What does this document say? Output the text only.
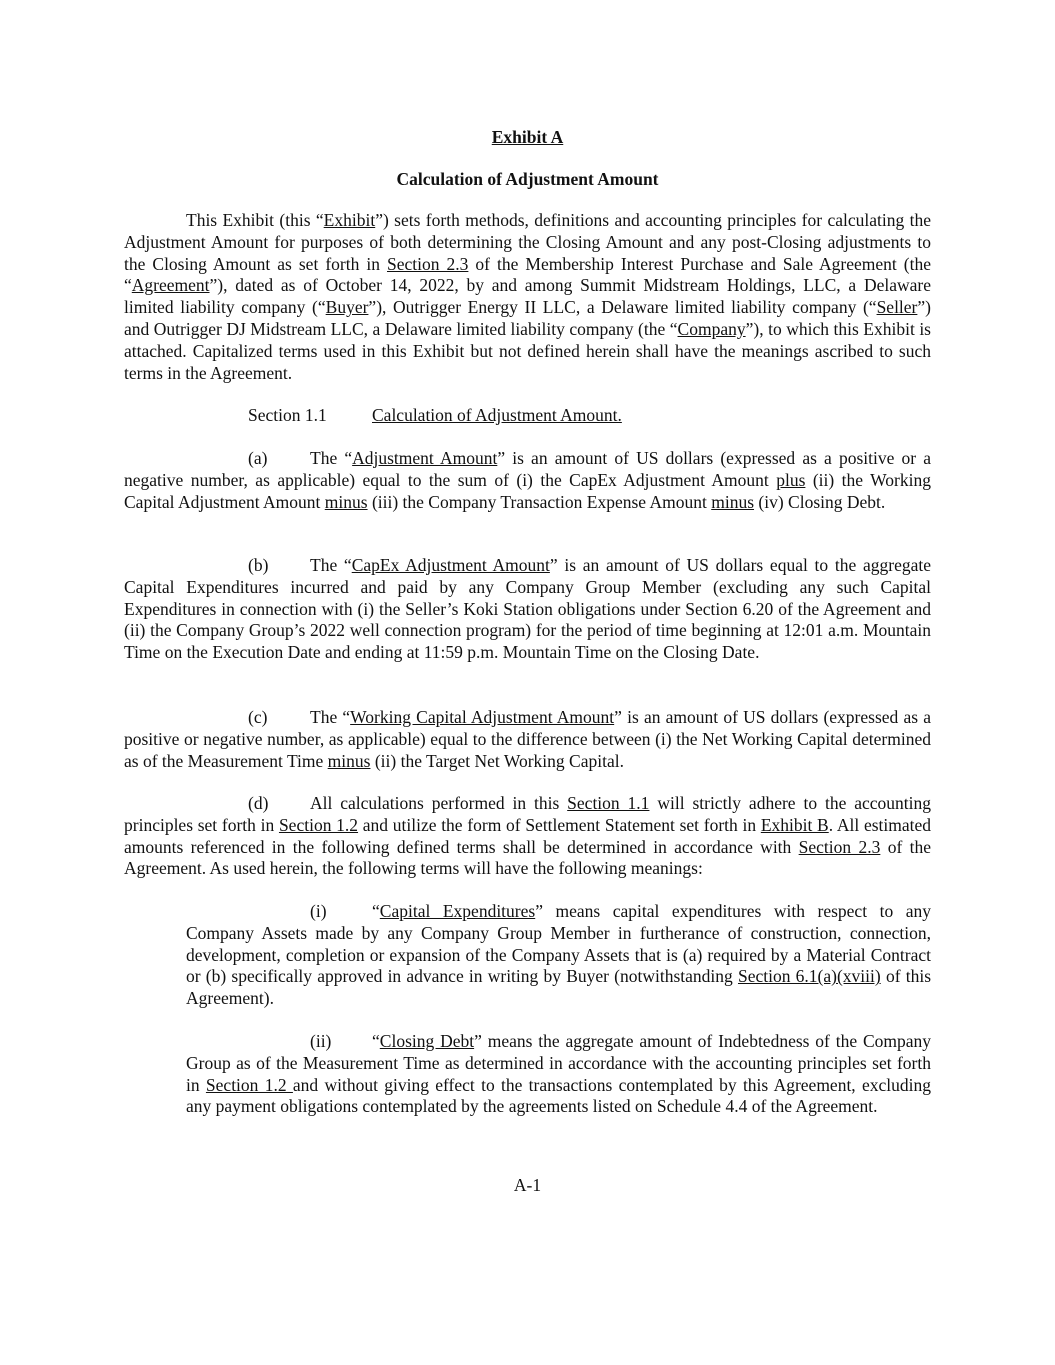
Exhibit A
Calculation of Adjustment Amount

This Exhibit (this “Exhibit”) sets forth methods, definitions and accounting principles for calculating the Adjustment Amount for purposes of both determining the Closing Amount and any post-Closing adjustments to the Closing Amount as set forth in Section 2.3 of the Membership Interest Purchase and Sale Agreement (the “Agreement”), dated as of October 14, 2022, by and among Summit Midstream Holdings, LLC, a Delaware limited liability company (“Buyer”), Outrigger Energy II LLC, a Delaware limited liability company (“Seller”) and Outrigger DJ Midstream LLC, a Delaware limited liability company (the “Company”), to which this Exhibit is attached. Capitalized terms used in this Exhibit but not defined herein shall have the meanings ascribed to such terms in the Agreement.

Section 1.1	Calculation of Adjustment Amount.

(a) The “Adjustment Amount” is an amount of US dollars (expressed as a positive or a negative number, as applicable) equal to the sum of (i) the CapEx Adjustment Amount plus (ii) the Working Capital Adjustment Amount minus (iii) the Company Transaction Expense Amount minus (iv) Closing Debt.

(b) The “CapEx Adjustment Amount” is an amount of US dollars equal to the aggregate Capital Expenditures incurred and paid by any Company Group Member (excluding any such Capital Expenditures in connection with (i) the Seller’s Koki Station obligations under Section 6.20 of the Agreement and (ii) the Company Group’s 2022 well connection program) for the period of time beginning at 12:01 a.m. Mountain Time on the Execution Date and ending at 11:59 p.m. Mountain Time on the Closing Date.

(c) The “Working Capital Adjustment Amount” is an amount of US dollars (expressed as a positive or negative number, as applicable) equal to the difference between (i) the Net Working Capital determined as of the Measurement Time minus (ii) the Target Net Working Capital.

(d) All calculations performed in this Section 1.1 will strictly adhere to the accounting principles set forth in Section 1.2 and utilize the form of Settlement Statement set forth in Exhibit B. All estimated amounts referenced in the following defined terms shall be determined in accordance with Section 2.3 of the Agreement. As used herein, the following terms will have the following meanings:

(i)	“Capital Expenditures” means capital expenditures with respect to any Company Assets made by any Company Group Member in furtherance of construction, connection, development, completion or expansion of the Company Assets that is (a) required by a Material Contract or (b) specifically approved in advance in writing by Buyer (notwithstanding Section 6.1(a)(xviii) of this Agreement).

(ii) “Closing Debt” means the aggregate amount of Indebtedness of the Company Group as of the Measurement Time as determined in accordance with the accounting principles set forth in Section 1.2 and without giving effect to the transactions contemplated by this Agreement, excluding any payment obligations contemplated by the agreements listed on Schedule 4.4 of the Agreement.

A-1
